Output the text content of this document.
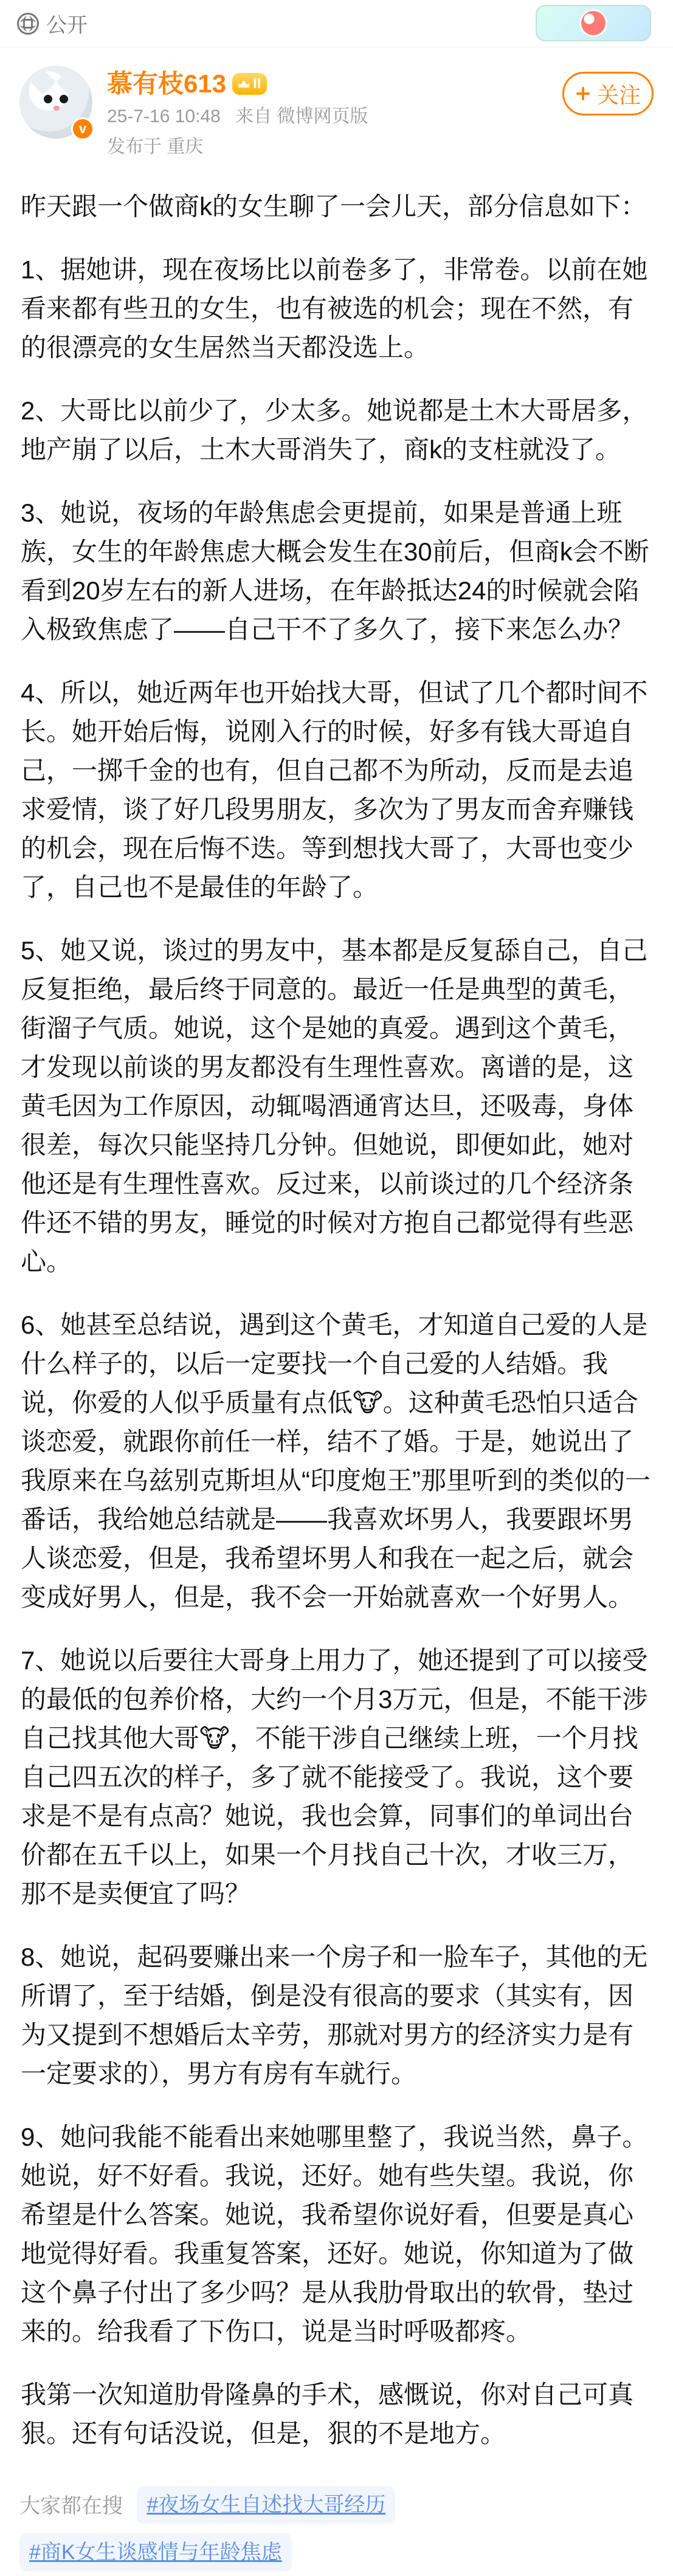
公开
v
慕有枝613 II
25-7-16 10:48 来自 微博网页版
发布于 重庆
关注

昨天跟一个做商k的女生聊了一会儿天，部分信息如下：

1、据她讲，现在夜场比以前卷多了，非常卷。以前在她看来都有些丑的女生，也有被选的机会；现在不然，有的很漂亮的女生居然当天都没选上。

2、大哥比以前少了，少太多。她说都是土木大哥居多，地产崩了以后，土木大哥消失了，商k的支柱就没了。

3、她说，夜场的年龄焦虑会更提前，如果是普通上班族，女生的年龄焦虑大概会发生在30前后，但商k会不断看到20岁左右的新人进场，在年龄抵达24的时候就会陷入极致焦虑了——自己干不了多久了，接下来怎么办？

4、所以，她近两年也开始找大哥，但试了几个都时间不长。她开始后悔，说刚入行的时候，好多有钱大哥追自己，一掷千金的也有，但自己都不为所动，反而是去追求爱情，谈了好几段男朋友，多次为了男友而舍弃赚钱的机会，现在后悔不迭。等到想找大哥了，大哥也变少了，自己也不是最佳的年龄了。

5、她又说，谈过的男友中，基本都是反复舔自己，自己反复拒绝，最后终于同意的。最近一任是典型的黄毛，街溜子气质。她说，这个是她的真爱。遇到这个黄毛，才发现以前谈的男友都没有生理性喜欢。离谱的是，这黄毛因为工作原因，动辄喝酒通宵达旦，还吸毒，身体很差，每次只能坚持几分钟。但她说，即便如此，她对他还是有生理性喜欢。反过来，以前谈过的几个经济条件还不错的男友，睡觉的时候对方抱自己都觉得有些恶心。

6、她甚至总结说，遇到这个黄毛，才知道自己爱的人是什么样子的，以后一定要找一个自己爱的人结婚。我说，你爱的人似乎质量有点低🐮。这种黄毛恐怕只适合谈恋爱，就跟你前任一样，结不了婚。于是，她说出了我原来在乌兹别克斯坦从“印度炮王”那里听到的类似的一番话，我给她总结就是——我喜欢坏男人，我要跟坏男人谈恋爱，但是，我希望坏男人和我在一起之后，就会变成好男人，但是，我不会一开始就喜欢一个好男人。

7、她说以后要往大哥身上用力了，她还提到了可以接受的最低的包养价格，大约一个月3万元，但是，不能干涉自己找其他大哥🐮，不能干涉自己继续上班，一个月找自己四五次的样子，多了就不能接受了。我说，这个要求是不是有点高？她说，我也会算，同事们的单词出台价都在五千以上，如果一个月找自己十次，才收三万，那不是卖便宜了吗？

8、她说，起码要赚出来一个房子和一脸车子，其他的无所谓了，至于结婚，倒是没有很高的要求（其实有，因为又提到不想婚后太辛劳，那就对男方的经济实力是有一定要求的），男方有房有车就行。

9、她问我能不能看出来她哪里整了，我说当然，鼻子。她说，好不好看。我说，还好。她有些失望。我说，你希望是什么答案。她说，我希望你说好看，但要是真心地觉得好看。我重复答案，还好。她说，你知道为了做这个鼻子付出了多少吗？是从我肋骨取出的软骨，垫过来的。给我看了下伤口，说是当时呼吸都疼。

我第一次知道肋骨隆鼻的手术，感慨说，你对自己可真狠。还有句话没说，但是，狠的不是地方。

大家都在搜 #夜场女生自述找大哥经历

#商K女生谈感情与年龄焦虑
